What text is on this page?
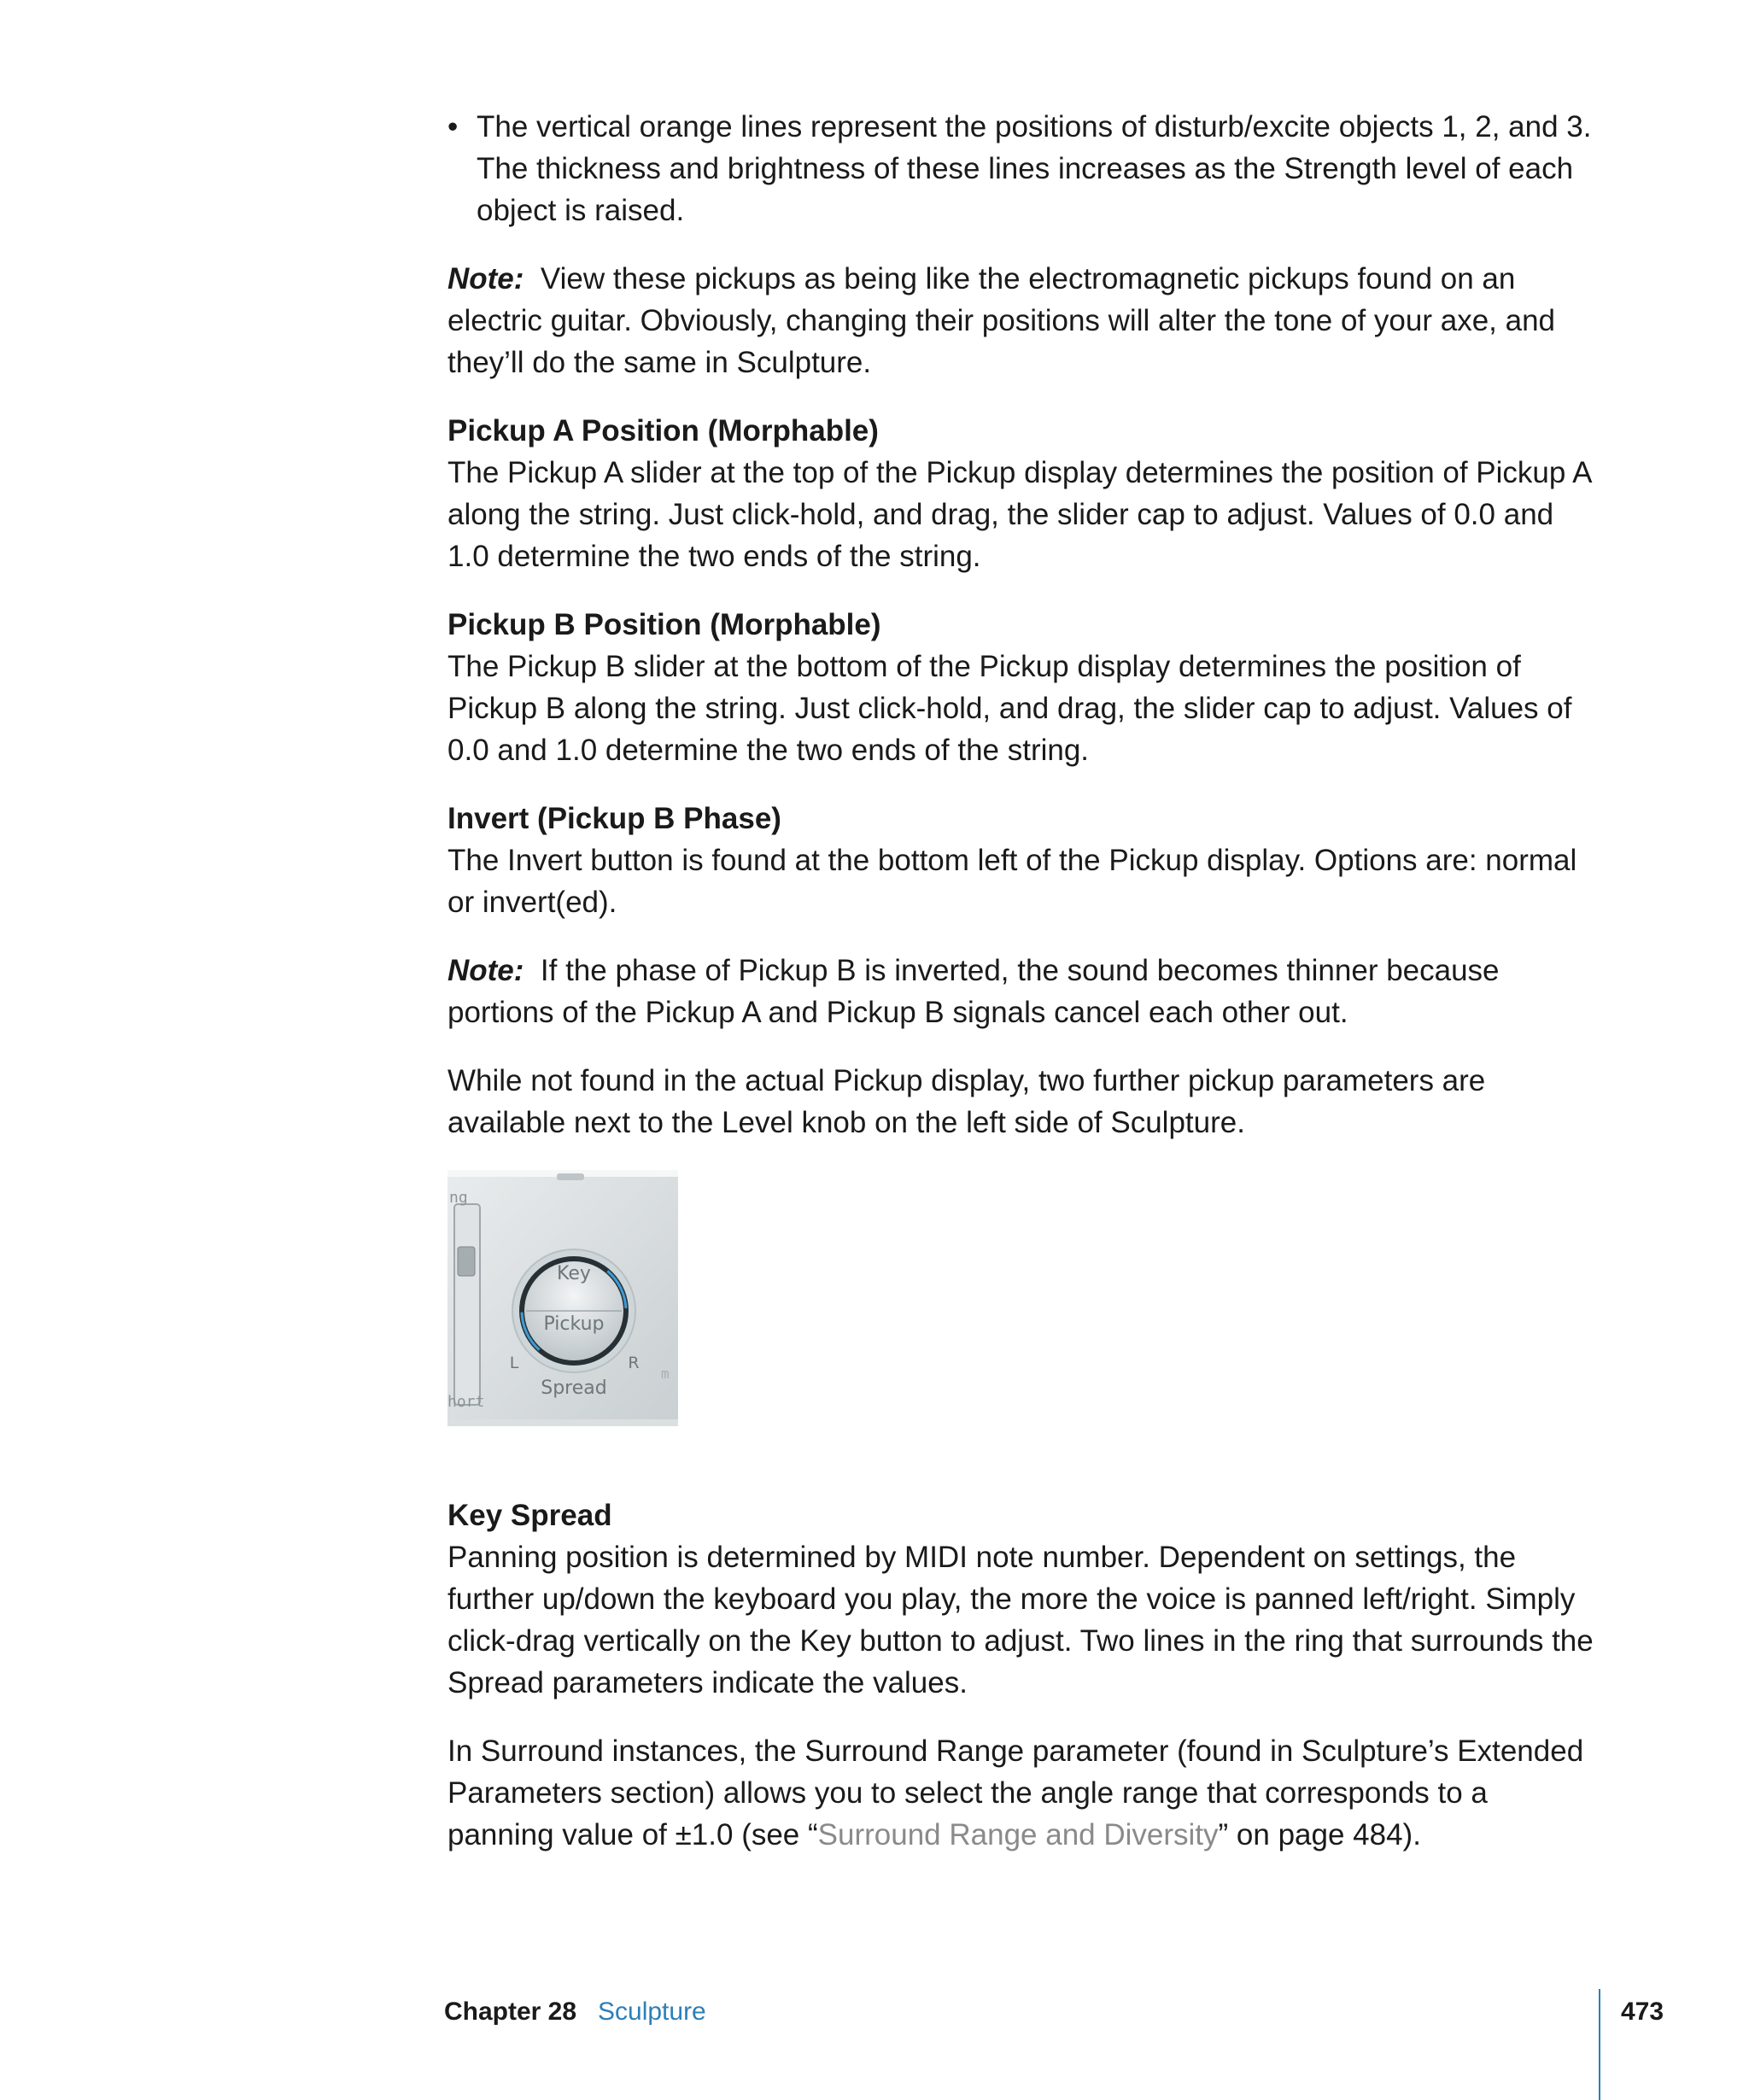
• The vertical orange lines represent the positions of disturb/excite objects 1, 2, and 3. The thickness and brightness of these lines increases as the Strength level of each object is raised.

Note: View these pickups as being like the electromagnetic pickups found on an electric guitar. Obviously, changing their positions will alter the tone of your axe, and they’ll do the same in Sculpture.

Pickup A Position (Morphable)

The Pickup A slider at the top of the Pickup display determines the position of Pickup A along the string. Just click-hold, and drag, the slider cap to adjust. Values of 0.0 and 1.0 determine the two ends of the string.

Pickup B Position (Morphable)

The Pickup B slider at the bottom of the Pickup display determines the position of Pickup B along the string. Just click-hold, and drag, the slider cap to adjust. Values of 0.0 and 1.0 determine the two ends of the string.

Invert (Pickup B Phase)

The Invert button is found at the bottom left of the Pickup display. Options are: normal or invert(ed).

Note: If the phase of Pickup B is inverted, the sound becomes thinner because portions of the Pickup A and Pickup B signals cancel each other out.

While not found in the actual Pickup display, two further pickup parameters are available next to the Level knob on the left side of Sculpture.

ng
hort
m
Key
Pickup
L	R
Spread

Key Spread

Panning position is determined by MIDI note number. Dependent on settings, the further up/down the keyboard you play, the more the voice is panned left/right. Simply click-drag vertically on the Key button to adjust. Two lines in the ring that surrounds the Spread parameters indicate the values.

In Surround instances, the Surround Range parameter (found in Sculpture’s Extended Parameters section) allows you to select the angle range that corresponds to a panning value of ±1.0 (see “Surround Range and Diversity” on page 484).

Chapter 28 Sculpture	473
